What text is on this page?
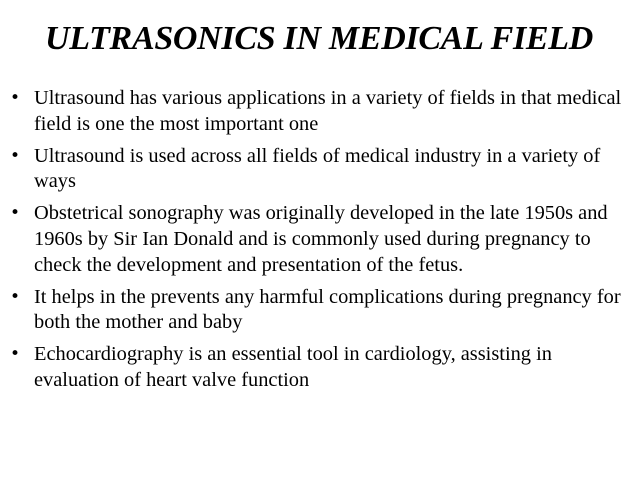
ULTRASONICS IN MEDICAL FIELD
• Ultrasound has various applications in a variety of fields in that medical field is one the most important one
• Ultrasound is used across all fields of medical industry in a variety of ways
• Obstetrical sonography was originally developed in the late 1950s and 1960s by Sir Ian Donald and is commonly used during pregnancy to check the development and presentation of the fetus.
• It helps in the prevents any harmful complications during pregnancy for both the mother and baby
• Echocardiography is an essential tool in cardiology, assisting in evaluation of heart valve function
